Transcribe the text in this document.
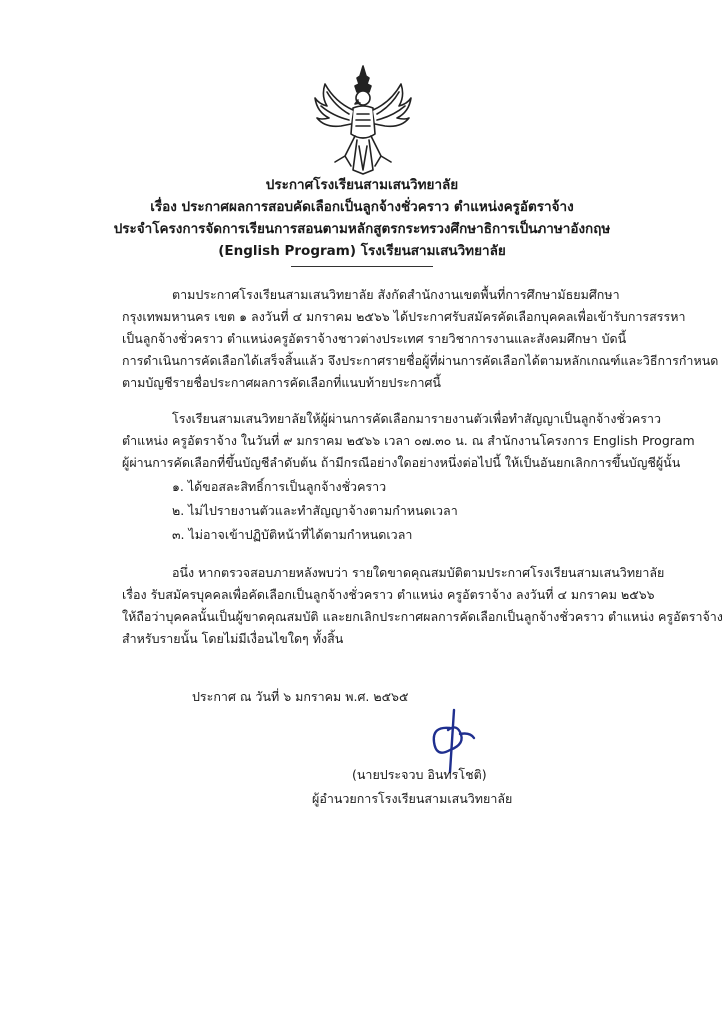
ประกาศโรงเรียนสามเสนวิทยาลัย
เรื่อง ประกาศผลการสอบคัดเลือกเป็นลูกจ้างชั่วคราว ตำแหน่งครูอัตราจ้าง
ประจำโครงการจัดการเรียนการสอนตามหลักสูตรกระทรวงศึกษาธิการเป็นภาษาอังกฤษ
(English Program) โรงเรียนสามเสนวิทยาลัย
ตามประกาศโรงเรียนสามเสนวิทยาลัย สังกัดสำนักงานเขตพื้นที่การศึกษามัธยมศึกษา
กรุงเทพมหานคร เขต ๑ ลงวันที่ ๔ มกราคม ๒๕๖๖ ได้ประกาศรับสมัครคัดเลือกบุคคลเพื่อเข้ารับการสรรหา
เป็นลูกจ้างชั่วคราว ตำแหน่งครูอัตราจ้างชาวต่างประเทศ รายวิชาการงานและสังคมศึกษา บัดนี้
การดำเนินการคัดเลือกได้เสร็จสิ้นแล้ว จึงประกาศรายชื่อผู้ที่ผ่านการคัดเลือกได้ตามหลักเกณฑ์และวิธีการกำหนด
ตามบัญชีรายชื่อประกาศผลการคัดเลือกที่แนบท้ายประกาศนี้
โรงเรียนสามเสนวิทยาลัยให้ผู้ผ่านการคัดเลือกมารายงานตัวเพื่อทำสัญญาเป็นลูกจ้างชั่วคราว
ตำแหน่ง ครูอัตราจ้าง ในวันที่ ๙ มกราคม ๒๕๖๖ เวลา ๐๗.๓๐ น. ณ สำนักงานโครงการ English Program
ผู้ผ่านการคัดเลือกที่ขึ้นบัญชีลำดับต้น ถ้ามีกรณีอย่างใดอย่างหนึ่งต่อไปนี้ ให้เป็นอันยกเลิกการขึ้นบัญชีผู้นั้น
๑. ได้ขอสละสิทธิ์การเป็นลูกจ้างชั่วคราว
๒. ไม่ไปรายงานตัวและทำสัญญาจ้างตามกำหนดเวลา
๓. ไม่อาจเข้าปฏิบัติหน้าที่ได้ตามกำหนดเวลา
อนึ่ง หากตรวจสอบภายหลังพบว่า รายใดขาดคุณสมบัติตามประกาศโรงเรียนสามเสนวิทยาลัย
เรื่อง รับสมัครบุคคลเพื่อคัดเลือกเป็นลูกจ้างชั่วคราว ตำแหน่ง ครูอัตราจ้าง ลงวันที่ ๔ มกราคม ๒๕๖๖
ให้ถือว่าบุคคลนั้นเป็นผู้ขาดคุณสมบัติ และยกเลิกประกาศผลการคัดเลือกเป็นลูกจ้างชั่วคราว ตำแหน่ง ครูอัตราจ้าง
สำหรับรายนั้น โดยไม่มีเงื่อนไขใดๆ ทั้งสิ้น
ประกาศ ณ วันที่ ๖ มกราคม พ.ศ. ๒๕๖๕
(นายประจวบ อินทรโชติ)
ผู้อำนวยการโรงเรียนสามเสนวิทยาลัย
